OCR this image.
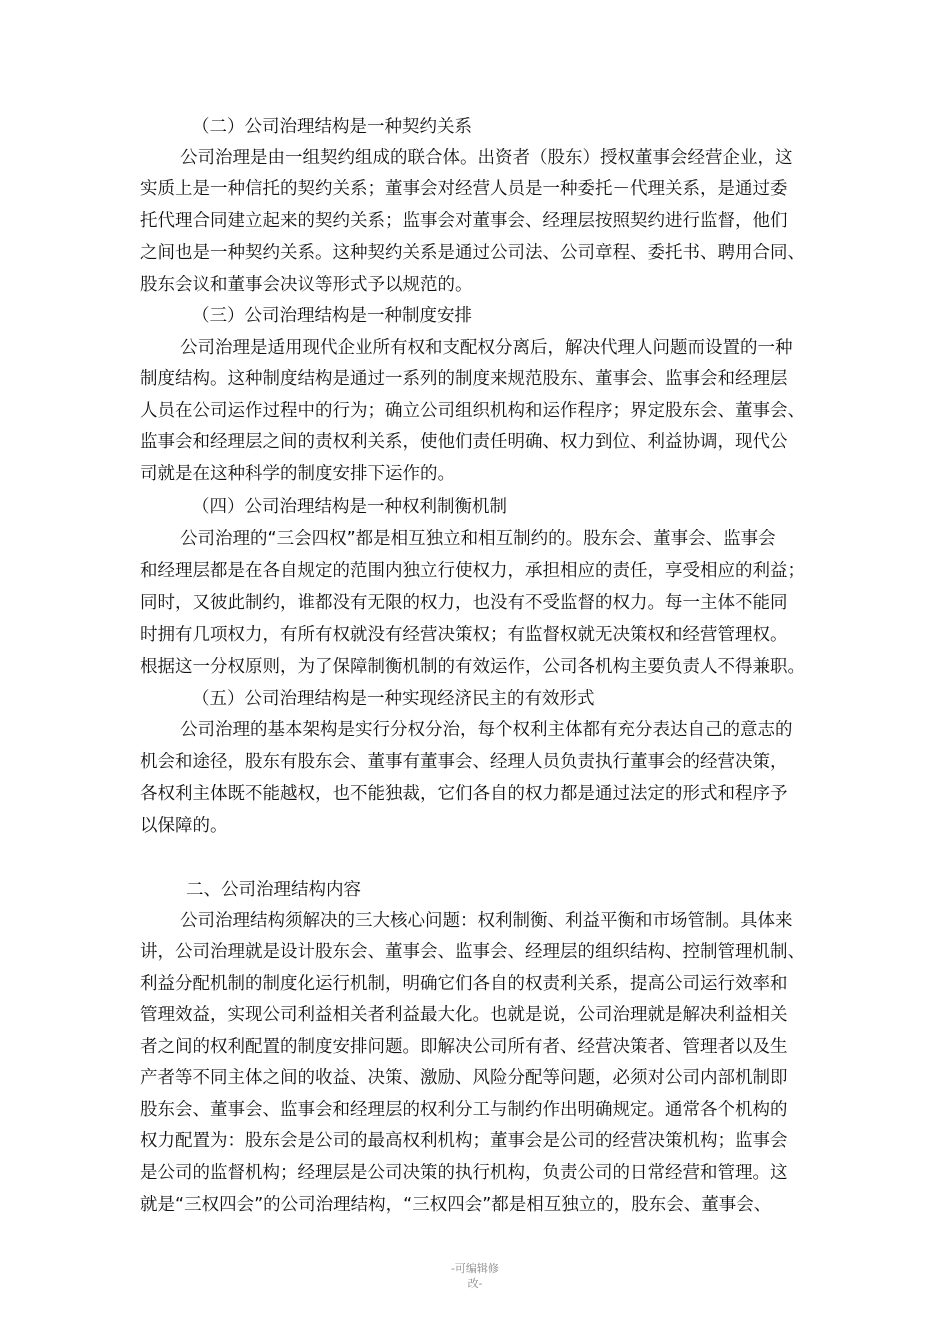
（二）公司治理结构是一种契约关系
公司治理是由一组契约组成的联合体。出资者（股东）授权董事会经营企业，这
实质上是一种信托的契约关系；董事会对经营人员是一种委托－代理关系，是通过委
托代理合同建立起来的契约关系；监事会对董事会、经理层按照契约进行监督，他们
之间也是一种契约关系。这种契约关系是通过公司法、公司章程、委托书、聘用合同、
股东会议和董事会决议等形式予以规范的。
（三）公司治理结构是一种制度安排
公司治理是适用现代企业所有权和支配权分离后，解决代理人问题而设置的一种
制度结构。这种制度结构是通过一系列的制度来规范股东、董事会、监事会和经理层
人员在公司运作过程中的行为；确立公司组织机构和运作程序；界定股东会、董事会、
监事会和经理层之间的责权利关系，使他们责任明确、权力到位、利益协调，现代公
司就是在这种科学的制度安排下运作的。
（四）公司治理结构是一种权利制衡机制
公司治理的“三会四权”都是相互独立和相互制约的。股东会、董事会、监事会
和经理层都是在各自规定的范围内独立行使权力，承担相应的责任，享受相应的利益；
同时，又彼此制约，谁都没有无限的权力，也没有不受监督的权力。每一主体不能同
时拥有几项权力，有所有权就没有经营决策权；有监督权就无决策权和经营管理权。
根据这一分权原则，为了保障制衡机制的有效运作，公司各机构主要负责人不得兼职。
（五）公司治理结构是一种实现经济民主的有效形式
公司治理的基本架构是实行分权分治，每个权利主体都有充分表达自己的意志的
机会和途径，股东有股东会、董事有董事会、经理人员负责执行董事会的经营决策，
各权利主体既不能越权，也不能独裁，它们各自的权力都是通过法定的形式和程序予
以保障的。
二、公司治理结构内容
公司治理结构须解决的三大核心问题：权利制衡、利益平衡和市场管制。具体来
讲，公司治理就是设计股东会、董事会、监事会、经理层的组织结构、控制管理机制、
利益分配机制的制度化运行机制，明确它们各自的权责利关系，提高公司运行效率和
管理效益，实现公司利益相关者利益最大化。也就是说，公司治理就是解决利益相关
者之间的权利配置的制度安排问题。即解决公司所有者、经营决策者、管理者以及生
产者等不同主体之间的收益、决策、激励、风险分配等问题，必须对公司内部机制即
股东会、董事会、监事会和经理层的权利分工与制约作出明确规定。通常各个机构的
权力配置为：股东会是公司的最高权利机构；董事会是公司的经营决策机构；监事会
是公司的监督机构；经理层是公司决策的执行机构，负责公司的日常经营和管理。这
就是“三权四会”的公司治理结构，“三权四会”都是相互独立的，股东会、董事会、
-可编辑修
改-
